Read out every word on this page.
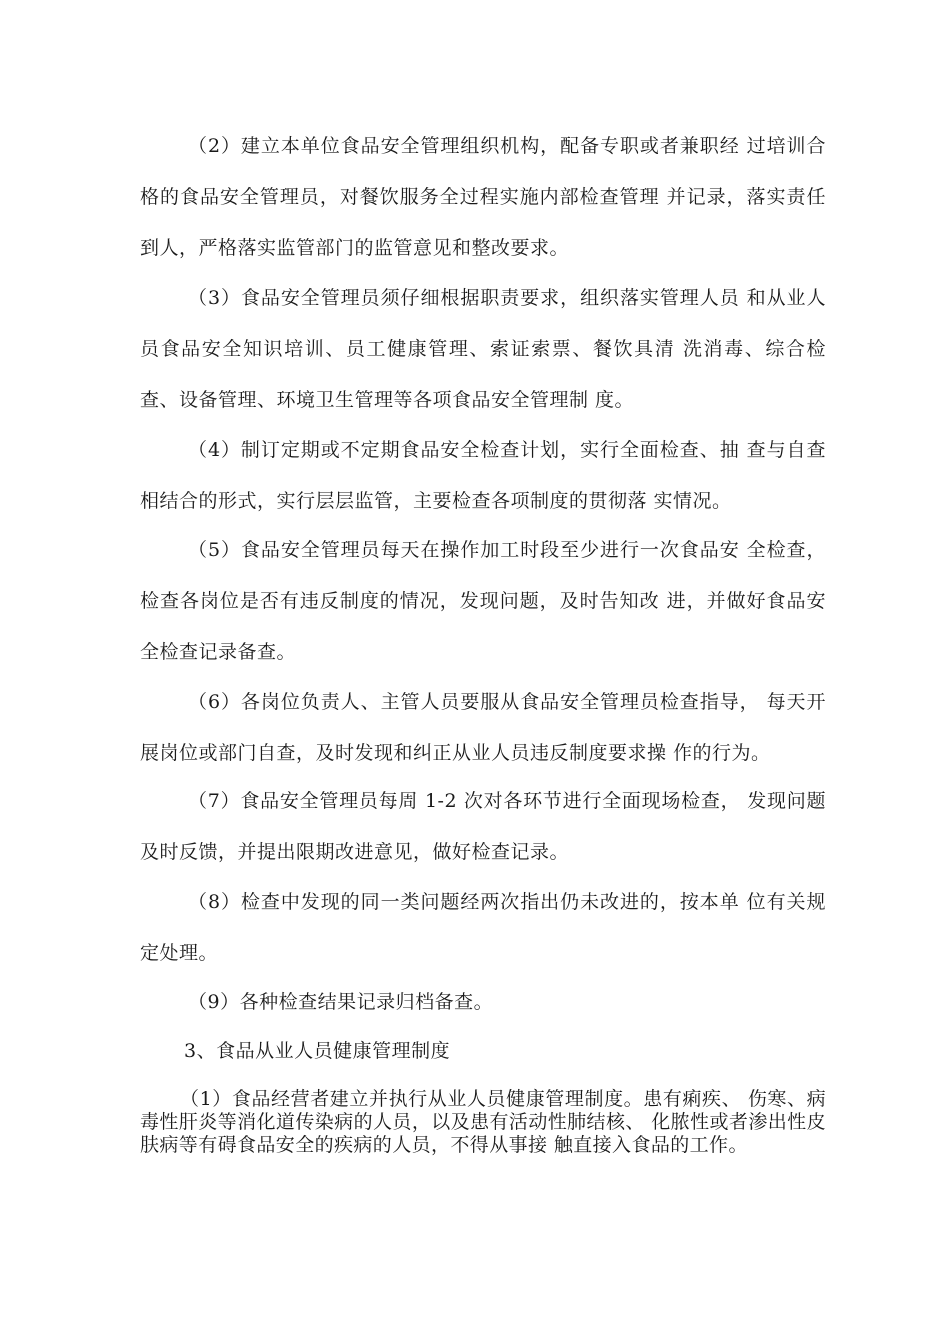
（2）建立本单位食品安全管理组织机构，配备专职或者兼职经 过培训合格的食品安全管理员，对餐饮服务全过程实施内部检查管理 并记录，落实责任到人，严格落实监管部门的监管意见和整改要求。

（3）食品安全管理员须仔细根据职责要求，组织落实管理人员 和从业人员食品安全知识培训、员工健康管理、索证索票、餐饮具清 洗消毒、综合检查、设备管理、环境卫生管理等各项食品安全管理制 度。

（4）制订定期或不定期食品安全检查计划，实行全面检查、抽 查与自查相结合的形式，实行层层监管，主要检查各项制度的贯彻落 实情况。

（5）食品安全管理员每天在操作加工时段至少进行一次食品安 全检查，检查各岗位是否有违反制度的情况，发现问题，及时告知改 进，并做好食品安全检查记录备查。

（6）各岗位负责人、主管人员要服从食品安全管理员检查指导， 每天开展岗位或部门自查，及时发现和纠正从业人员违反制度要求操 作的行为。

（7）食品安全管理员每周 1-2 次对各环节进行全面现场检查， 发现问题及时反馈，并提出限期改进意见，做好检查记录。

（8）检查中发现的同一类问题经两次指出仍未改进的，按本单 位有关规定处理。

（9）各种检查结果记录归档备查。

3、食品从业人员健康管理制度

（1）食品经营者建立并执行从业人员健康管理制度。患有痢疾、 伤寒、病毒性肝炎等消化道传染病的人员，以及患有活动性肺结核、 化脓性或者渗出性皮肤病等有碍食品安全的疾病的人员，不得从事接 触直接入食品的工作。
